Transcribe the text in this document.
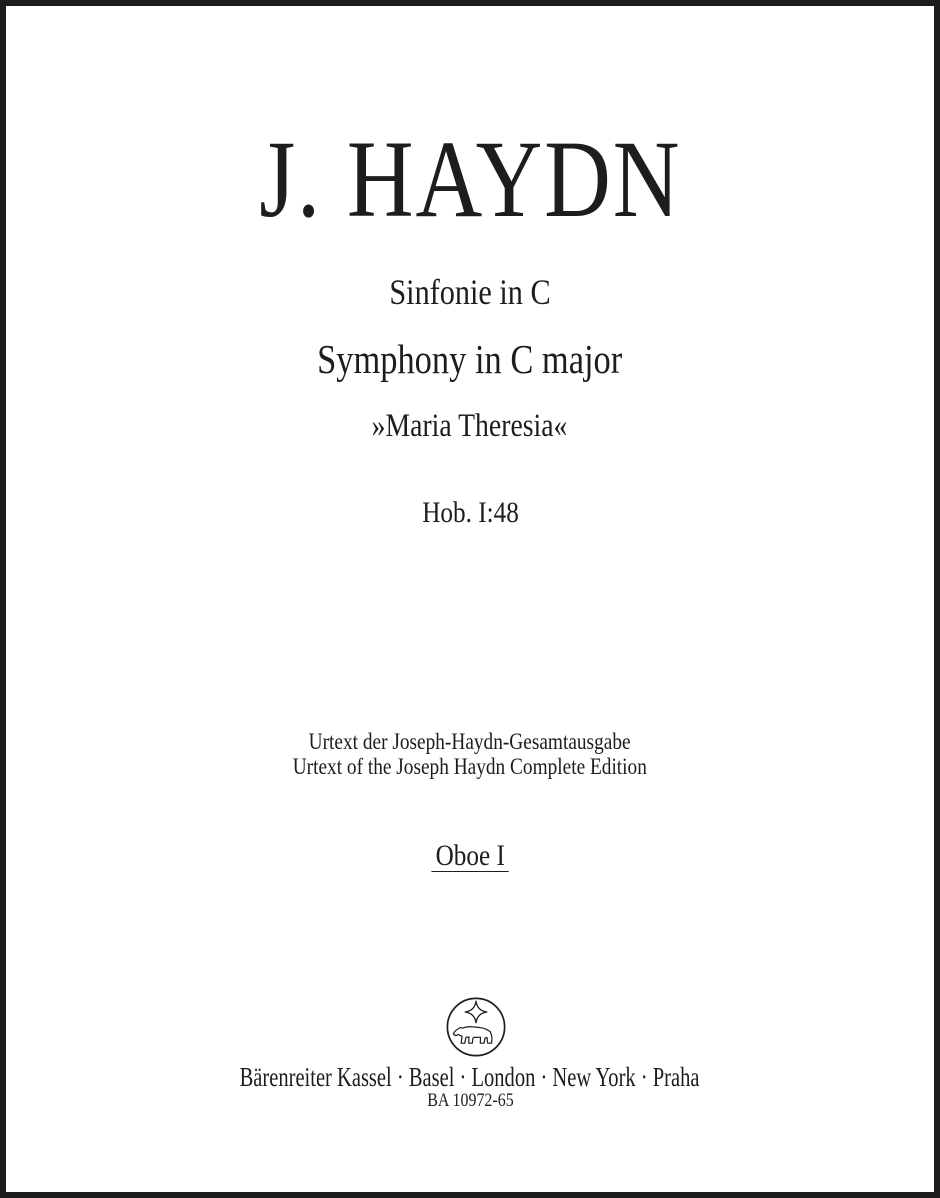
J. HAYDN
Sinfonie in C
Symphony in C major
»Maria Theresia«
Hob. I:48
Urtext der Joseph-Haydn-Gesamtausgabe
Urtext of the Joseph Haydn Complete Edition
Oboe I
Bärenreiter Kassel · Basel · London · New York · Praha
BA 10972-65
